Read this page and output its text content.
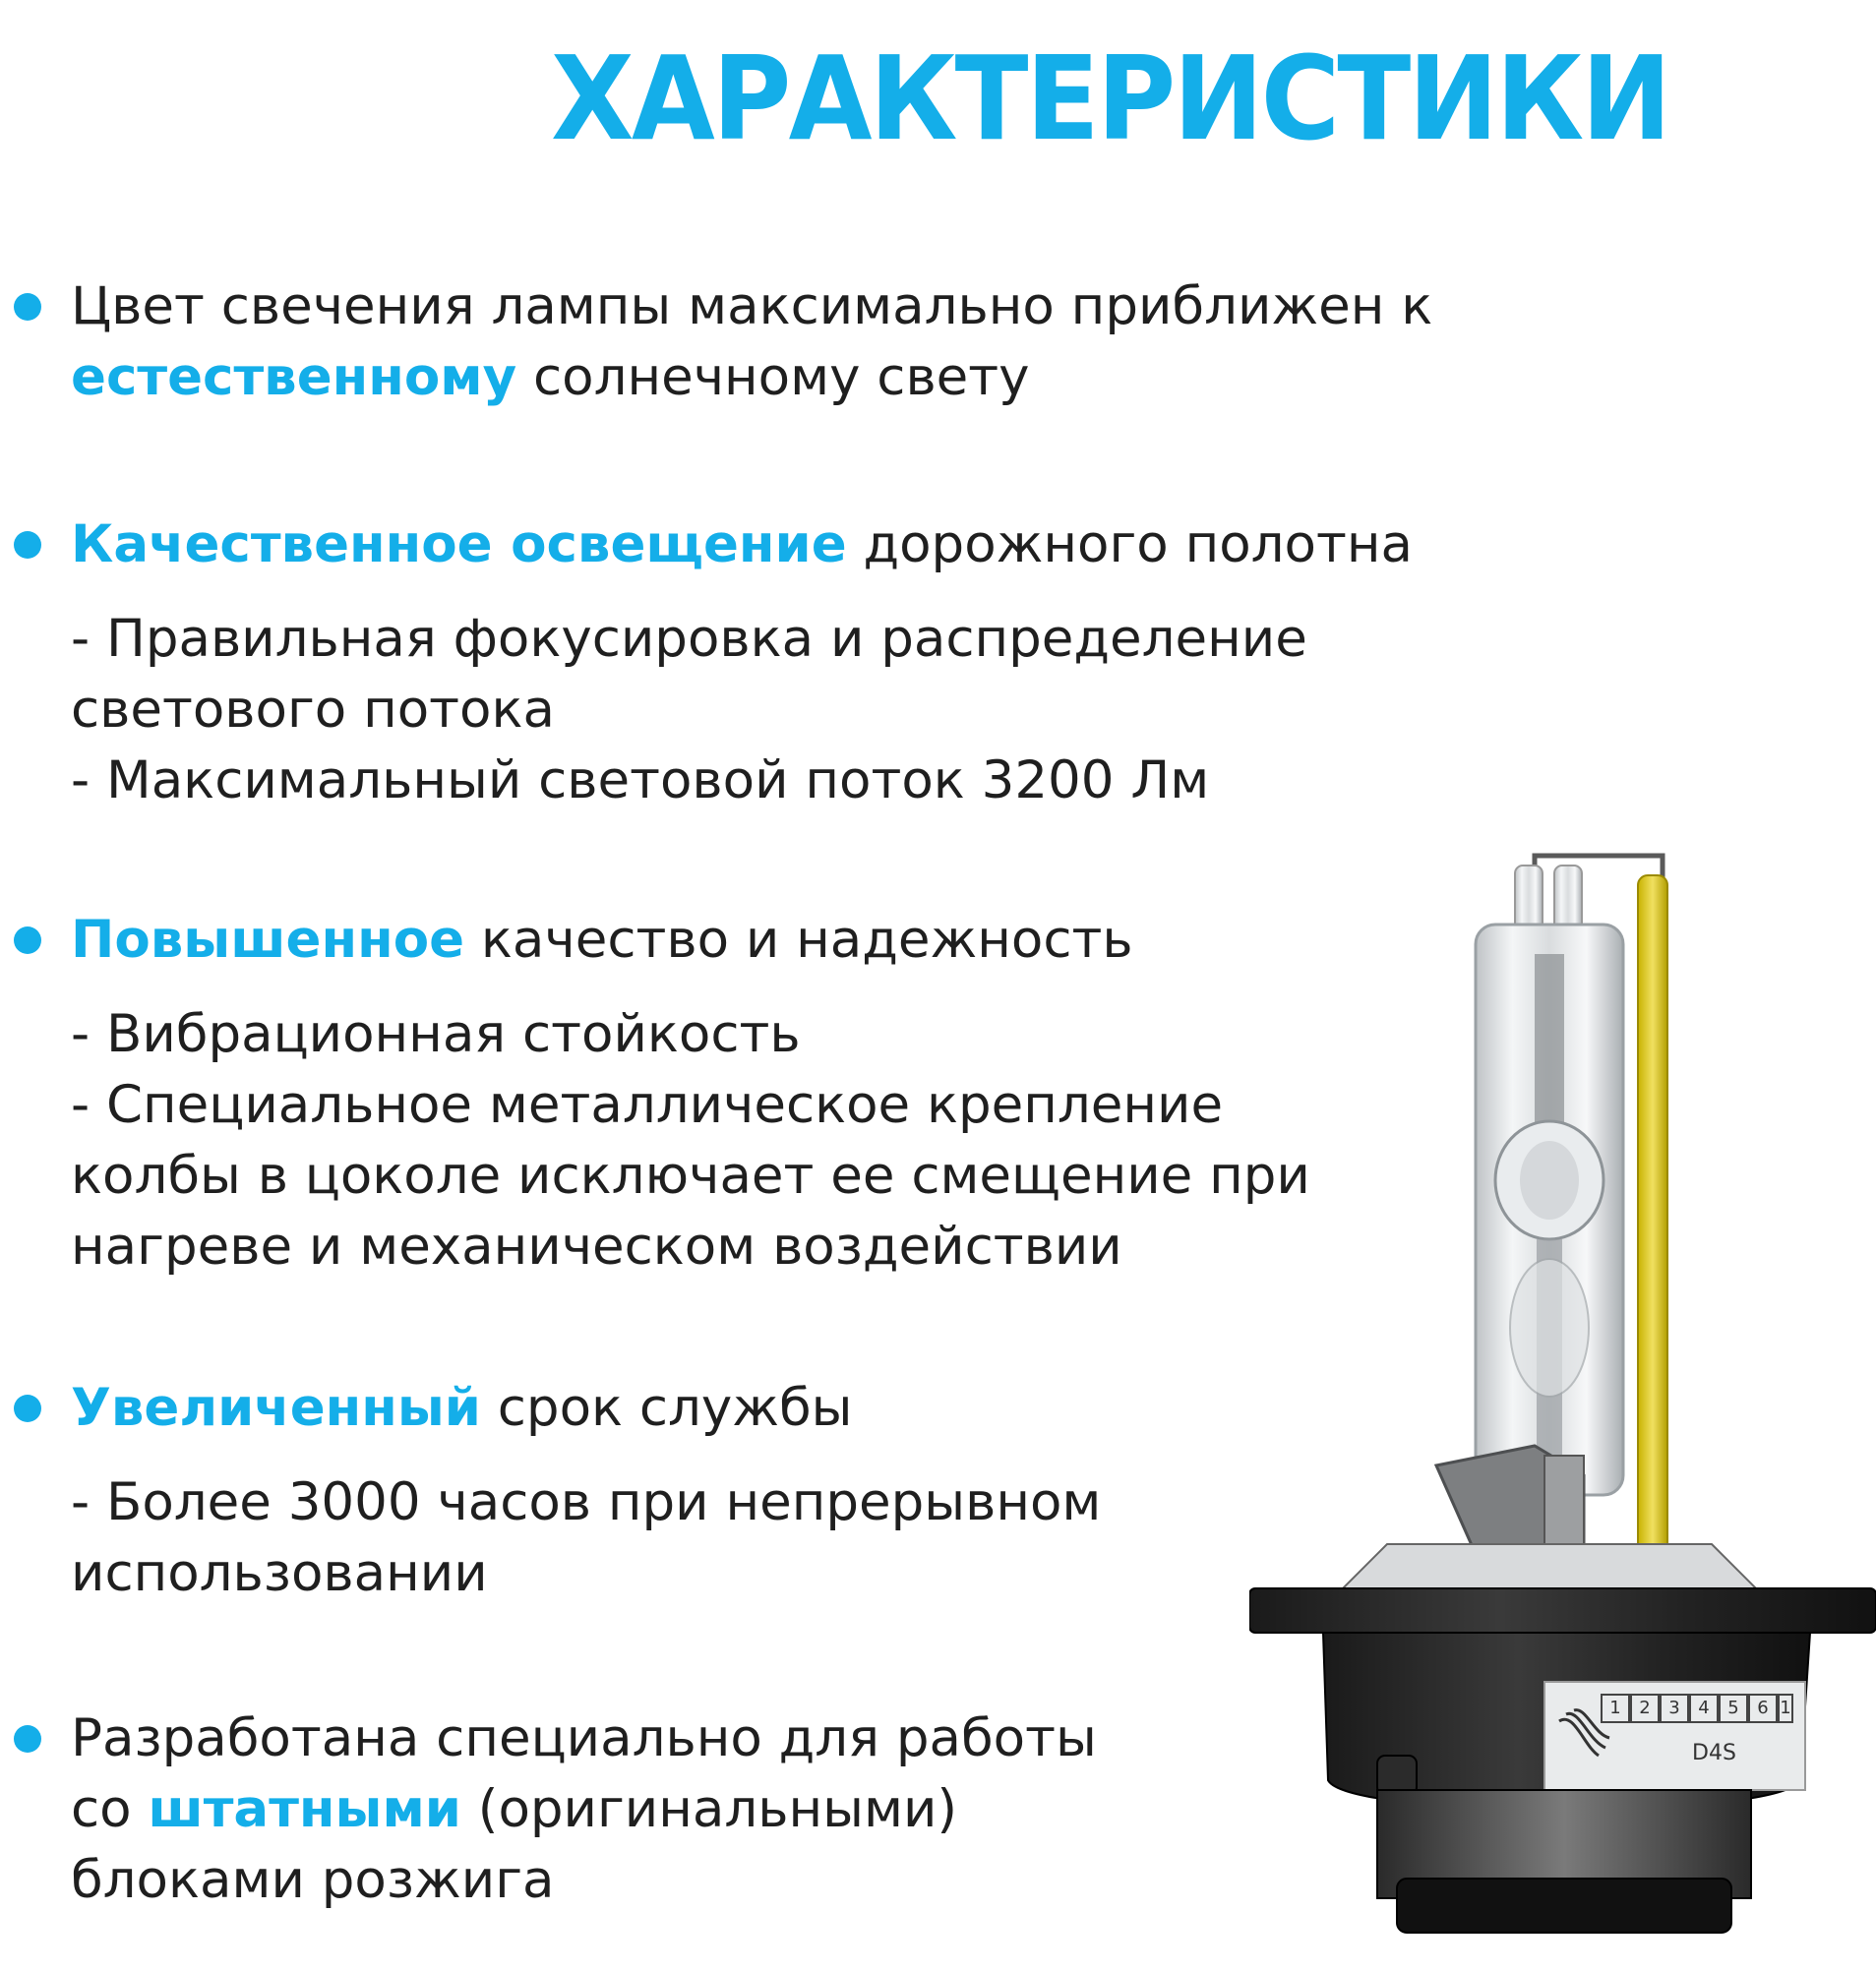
ХАРАКТЕРИСТИКИ
Цвет свечения лампы максимально приближен к
естественному солнечному свету
Качественное освещение дорожного полотна
- Правильная фокусировка и распределение
светового потока
- Максимальный световой поток 3200 Лм
Повышенное качество и надежность
- Вибрационная стойкость
- Специальное металлическое крепление
колбы в цоколе исключает ее смещение при
нагреве и механическом воздействии
Увеличенный срок службы
- Более 3000 часов при непрерывном
использовании
Разработана специально для работы
со штатными (оригинальными)
блоками розжига
1	2	3	4	5	6 1
D4S
